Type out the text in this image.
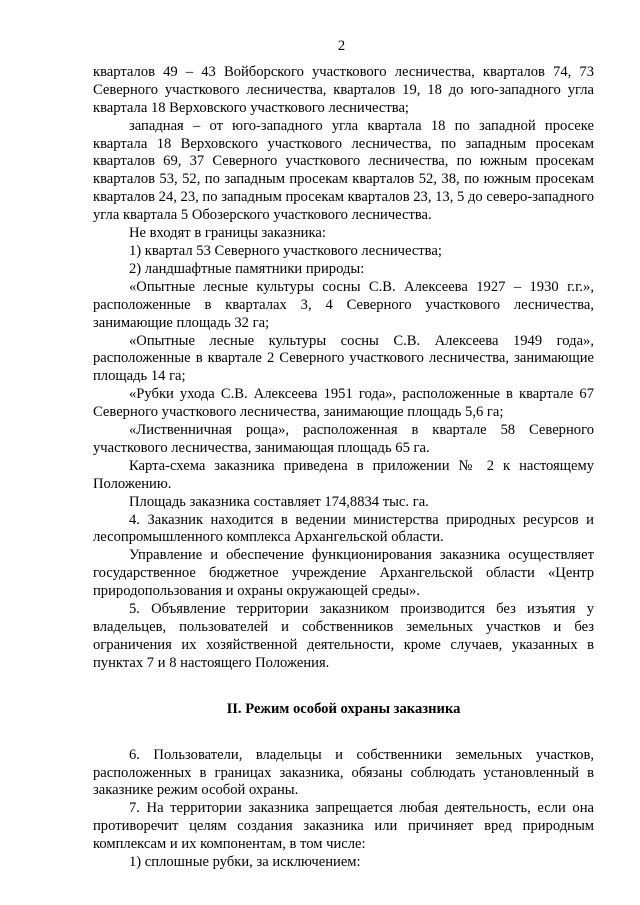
2

кварталов 49 – 43 Войборского участкового лесничества, кварталов 74, 73 Северного участкового лесничества, кварталов 19, 18 до юго-западного угла квартала 18 Верховского участкового лесничества;

западная – от юго-западного угла квартала 18 по западной просеке квартала 18 Верховского участкового лесничества, по западным просекам кварталов 69, 37 Северного участкового лесничества, по южным просекам кварталов 53, 52, по западным просекам кварталов 52, 38, по южным просекам кварталов 24, 23, по западным просекам кварталов 23, 13, 5 до северо-западного угла квартала 5 Обозерского участкового лесничества.

Не входят в границы заказника:

1) квартал 53 Северного участкового лесничества;

2) ландшафтные памятники природы:

«Опытные лесные культуры сосны С.В. Алексеева 1927 – 1930 г.г.», расположенные в кварталах 3, 4 Северного участкового лесничества, занимающие площадь 32 га;

«Опытные лесные культуры сосны С.В. Алексеева 1949 года», расположенные в квартале 2 Северного участкового лесничества, занимающие площадь 14 га;

«Рубки ухода С.В. Алексеева 1951 года», расположенные в квартале 67 Северного участкового лесничества, занимающие площадь 5,6 га;

«Лиственничная роща», расположенная в квартале 58 Северного участкового лесничества, занимающая площадь 65 га.

Карта-схема заказника приведена в приложении № 2 к настоящему Положению.

Площадь заказника составляет 174,8834 тыс. га.

4. Заказник находится в ведении министерства природных ресурсов и лесопромышленного комплекса Архангельской области.

Управление и обеспечение функционирования заказника осуществляет государственное бюджетное учреждение Архангельской области «Центр природопользования и охраны окружающей среды».

5. Объявление территории заказником производится без изъятия у владельцев, пользователей и собственников земельных участков и без ограничения их хозяйственной деятельности, кроме случаев, указанных в пунктах 7 и 8 настоящего Положения.

II. Режим особой охраны заказника

6. Пользователи, владельцы и собственники земельных участков, расположенных в границах заказника, обязаны соблюдать установленный в заказнике режим особой охраны.

7. На территории заказника запрещается любая деятельность, если она противоречит целям создания заказника или причиняет вред природным комплексам и их компонентам, в том числе:

1) сплошные рубки, за исключением:
